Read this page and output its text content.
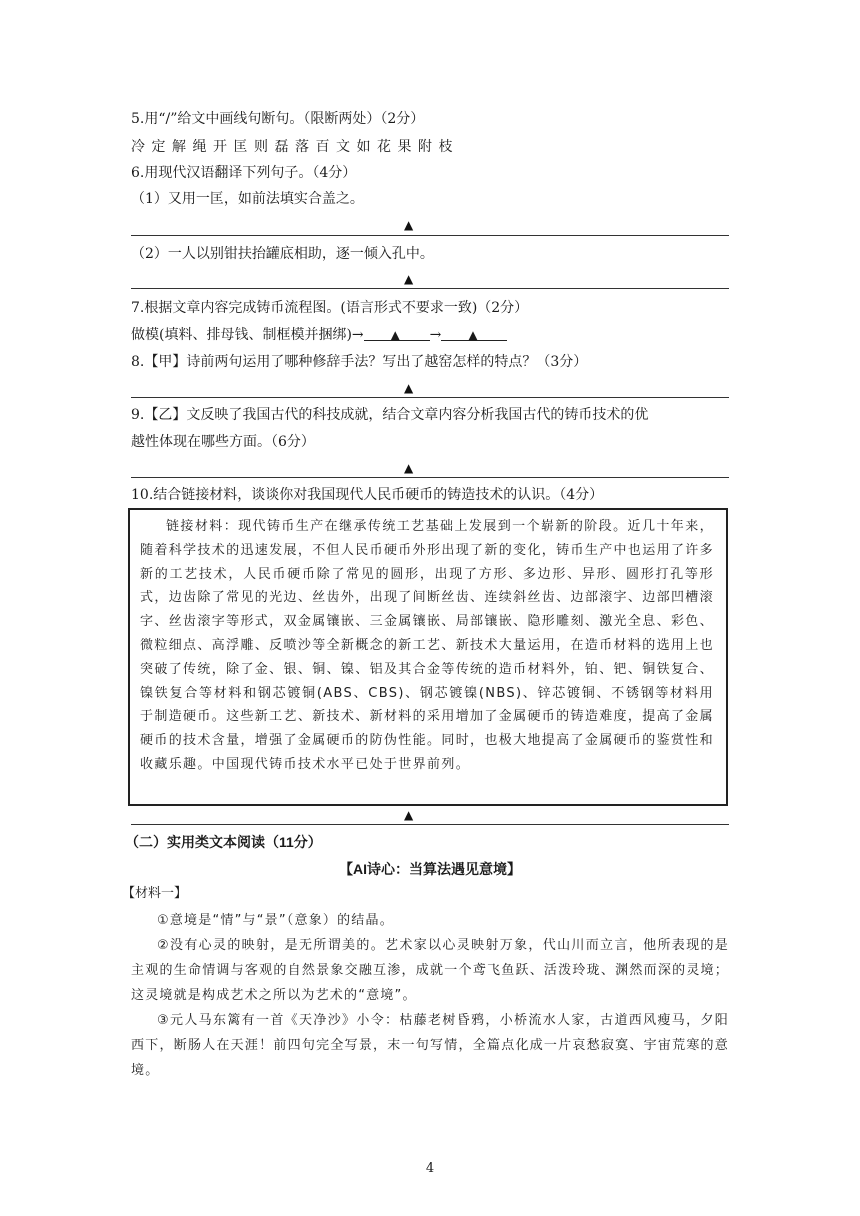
5.用“/”给文中画线句断句。（限断两处）（2分）
冷定解绳开匡则磊落百文如花果附枝
6.用现代汉语翻译下列句子。（4分）
（1）又用一匡，如前法填实合盖之。
▲
（2）一人以别钳扶抬罐底相助，逐一倾入孔中。
▲
7.根据文章内容完成铸币流程图。(语言形式不要求一致)（2分）
做模(填料、排母钱、制框模并捆绑)→ ▲ → ▲
8.【甲】诗前两句运用了哪种修辞手法？写出了越窑怎样的特点？（3分）
▲
9.【乙】文反映了我国古代的科技成就，结合文章内容分析我国古代的铸币技术的优
越性体现在哪些方面。（6分）
▲
10.结合链接材料，谈谈你对我国现代人民币硬币的铸造技术的认识。（4分）

链接材料：现代铸币生产在继承传统工艺基础上发展到一个崭新的阶段。近几十年来，随着科学技术的迅速发展，不但人民币硬币外形出现了新的变化，铸币生产中也运用了许多新的工艺技术，人民币硬币除了常见的圆形，出现了方形、多边形、异形、圆形打孔等形式，边齿除了常见的光边、丝齿外，出现了间断丝齿、连续斜丝齿、边部滚字、边部凹槽滚字、丝齿滚字等形式，双金属镶嵌、三金属镶嵌、局部镶嵌、隐形雕刻、激光全息、彩色、微粒细点、高浮雕、反喷沙等全新概念的新工艺、新技术大量运用，在造币材料的选用上也突破了传统，除了金、银、铜、镍、铝及其合金等传统的造币材料外，铂、钯、铜铁复合、镍铁复合等材料和钢芯镀铜(ABS、CBS)、钢芯镀镍(NBS)、锌芯镀铜、不锈钢等材料用于制造硬币。这些新工艺、新技术、新材料的采用增加了金属硬币的铸造难度，提高了金属硬币的技术含量，增强了金属硬币的防伪性能。同时，也极大地提高了金属硬币的鉴赏性和收藏乐趣。中国现代铸币技术水平已处于世界前列。

▲
（二）实用类文本阅读（11分）
【AI诗心：当算法遇见意境】
【材料一】

①意境是“情”与“景”（意象）的结晶。

②没有心灵的映射，是无所谓美的。艺术家以心灵映射万象，代山川而立言，他所表现的是主观的生命情调与客观的自然景象交融互渗，成就一个鸢飞鱼跃、活泼玲珑、渊然而深的灵境；这灵境就是构成艺术之所以为艺术的“意境”。

③元人马东篱有一首《天净沙》小令：枯藤老树昏鸦，小桥流水人家，古道西风瘦马，夕阳西下，断肠人在天涯！前四句完全写景，末一句写情，全篇点化成一片哀愁寂寞、宇宙荒寒的意境。

4
